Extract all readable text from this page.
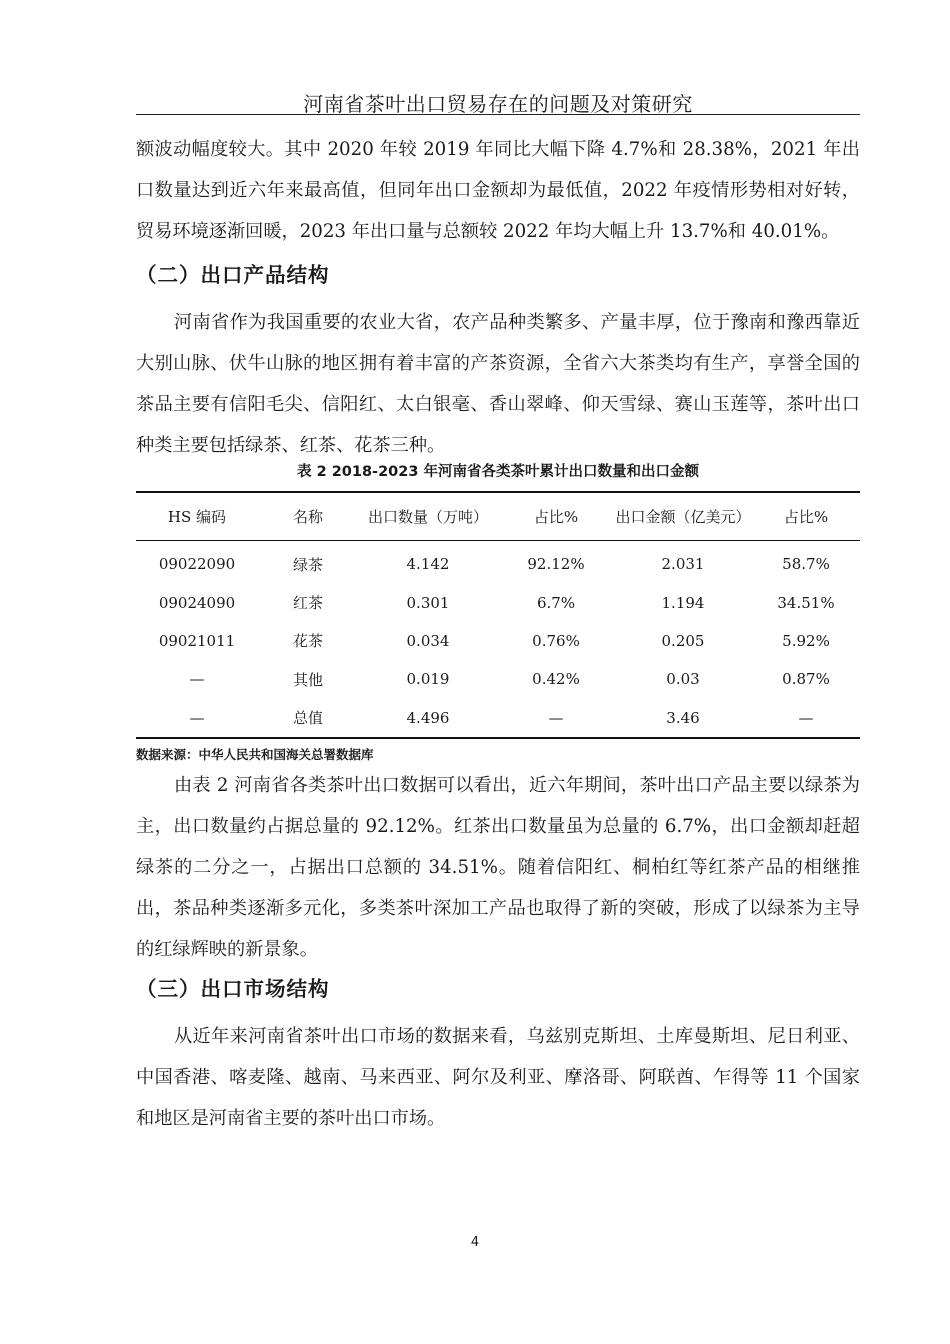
河南省茶叶出口贸易存在的问题及对策研究

额波动幅度较大。其中 2020 年较 2019 年同比大幅下降 4.7%和 28.38%，2021 年出口数量达到近六年来最高值，但同年出口金额却为最低值，2022 年疫情形势相对好转，贸易环境逐渐回暖，2023 年出口量与总额较 2022 年均大幅上升 13.7%和 40.01%。

（二）出口产品结构

河南省作为我国重要的农业大省，农产品种类繁多、产量丰厚，位于豫南和豫西靠近大别山脉、伏牛山脉的地区拥有着丰富的产茶资源，全省六大茶类均有生产，享誉全国的茶品主要有信阳毛尖、信阳红、太白银毫、香山翠峰、仰天雪绿、赛山玉莲等，茶叶出口种类主要包括绿茶、红茶、花茶三种。

表 2 2018-2023 年河南省各类茶叶累计出口数量和出口金额
HS 编码	名称	出口数量（万吨）	占比%	出口金额（亿美元）	占比%
09022090	绿茶	4.142	92.12%	2.031	58.7%
09024090	红茶	0.301	6.7%	1.194	34.51%
09021011	花茶	0.034	0.76%	0.205	5.92%
—	其他	0.019	0.42%	0.03	0.87%
—	总值	4.496	—	3.46	—
数据来源：中华人民共和国海关总署数据库

由表 2 河南省各类茶叶出口数据可以看出，近六年期间，茶叶出口产品主要以绿茶为主，出口数量约占据总量的 92.12%。红茶出口数量虽为总量的 6.7%，出口金额却赶超绿茶的二分之一，占据出口总额的 34.51%。随着信阳红、桐柏红等红茶产品的相继推出，茶品种类逐渐多元化，多类茶叶深加工产品也取得了新的突破，形成了以绿茶为主导的红绿辉映的新景象。

（三）出口市场结构

从近年来河南省茶叶出口市场的数据来看，乌兹别克斯坦、土库曼斯坦、尼日利亚、中国香港、喀麦隆、越南、马来西亚、阿尔及利亚、摩洛哥、阿联酋、乍得等 11 个国家和地区是河南省主要的茶叶出口市场。

4
